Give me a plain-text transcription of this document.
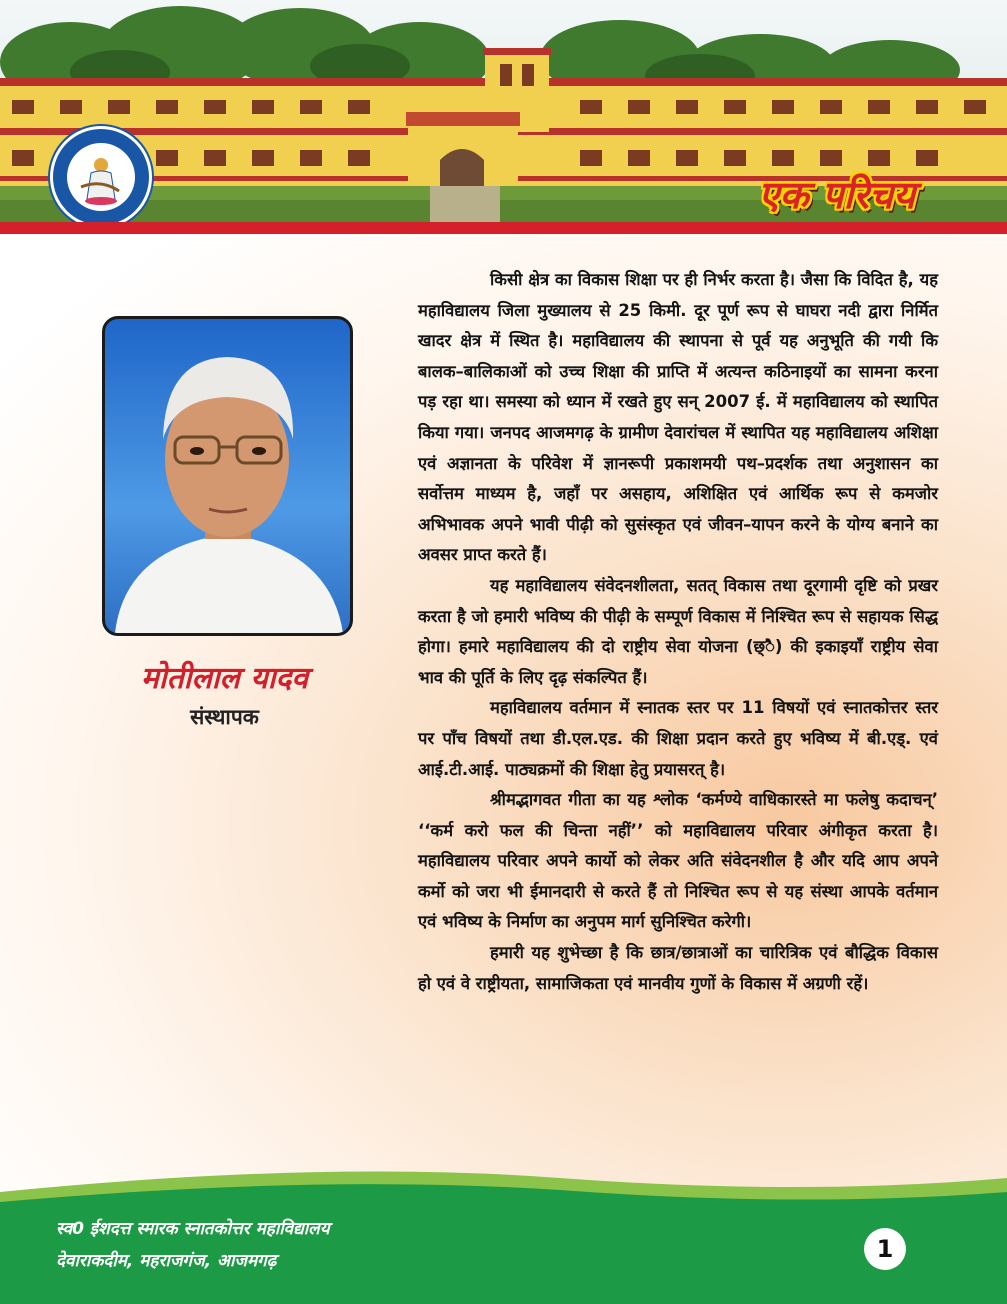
एक परिचय
मोतीलाल यादव
संस्थापक

किसी क्षेत्र का विकास शिक्षा पर ही निर्भर करता है। जैसा कि विदित है, यह महाविद्यालय जिला मुख्यालय से 25 किमी. दूर पूर्ण रूप से घाघरा नदी द्वारा निर्मित खादर क्षेत्र में स्थित है। महाविद्यालय की स्थापना से पूर्व यह अनुभूति की गयी कि बालक–बालिकाओं को उच्च शिक्षा की प्राप्ति में अत्यन्त कठिनाइयों का सामना करना पड़ रहा था। समस्या को ध्यान में रखते हुए सन् 2007 ई. में महाविद्यालय को स्थापित किया गया। जनपद आजमगढ़ के ग्रामीण देवारांचल में स्थापित यह महाविद्यालय अशिक्षा एवं अज्ञानता के परिवेश में ज्ञानरूपी प्रकाशमयी पथ–प्रदर्शक तथा अनुशासन का सर्वोत्तम माध्यम है, जहाँ पर असहाय, अशिक्षित एवं आर्थिक रूप से कमजोर अभिभावक अपने भावी पीढ़ी को सुसंस्कृत एवं जीवन–यापन करने के योग्य बनाने का अवसर प्राप्त करते हैं।

यह महाविद्यालय संवेदनशीलता, सतत् विकास तथा दूरगामी दृष्टि को प्रखर करता है जो हमारी भविष्य की पीढ़ी के सम्पूर्ण विकास में निश्चित रूप से सहायक सिद्ध होगा। हमारे महाविद्यालय की दो राष्ट्रीय सेवा योजना (छ्ैैै) की इकाइयाँ राष्ट्रीय सेवा भाव की पूर्ति के लिए दृढ़ संकल्पित हैं।

महाविद्यालय वर्तमान में स्नातक स्तर पर 11 विषयों एवं स्नातकोत्तर स्तर पर पाँच विषयों तथा डी.एल.एड. की शिक्षा प्रदान करते हुए भविष्य में बी.एड्. एवं आई.टी.आई. पाठ्यक्रमों की शिक्षा हेतु प्रयासरत् है।

श्रीमद्भागवत गीता का यह श्लोक ‘कर्मण्ये वाधिकारस्ते मा फलेषु कदाचन्’ ‘‘कर्म करो फल की चिन्ता नहीं’’ को महाविद्यालय परिवार अंगीकृत करता है। महाविद्यालय परिवार अपने कार्यो को लेकर अति संवेदनशील है और यदि आप अपने कर्मो को जरा भी ईमानदारी से करते हैं तो निश्चित रूप से यह संस्था आपके वर्तमान एवं भविष्य के निर्माण का अनुपम मार्ग सुनिश्चित करेगी।

हमारी यह शुभेच्छा है कि छात्र/छात्राओं का चारित्रिक एवं बौद्धिक विकास हो एवं वे राष्ट्रीयता, सामाजिकता एवं मानवीय गुणों के विकास में अग्रणी रहें।

स्व0 ईशदत्त स्मारक स्नातकोत्तर महाविद्यालय
देवाराकदीम, महराजगंज, आजमगढ़	1
